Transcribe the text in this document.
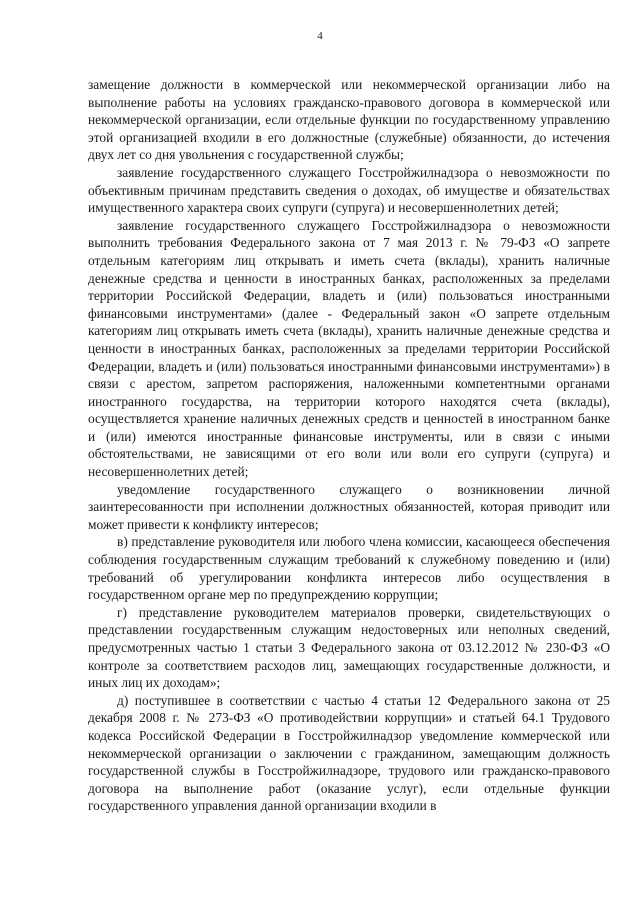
4

замещение должности в коммерческой или некоммерческой организации либо на выполнение работы на условиях гражданско-правового договора в коммерческой или некоммерческой организации, если отдельные функции по государственному управлению этой организацией входили в его должностные (служебные) обязанности, до истечения двух лет со дня увольнения с государственной службы;

заявление государственного служащего Госстройжилнадзора о невозможности по объективным причинам представить сведения о доходах, об имуществе и обязательствах имущественного характера своих супруги (супруга) и несовершеннолетних детей;

заявление государственного служащего Госстройжилнадзора о невозможности выполнить требования Федерального закона от 7 мая 2013 г. № 79-ФЗ «О запрете отдельным категориям лиц открывать и иметь счета (вклады), хранить наличные денежные средства и ценности в иностранных банках, расположенных за пределами территории Российской Федерации, владеть и (или) пользоваться иностранными финансовыми инструментами» (далее - Федеральный закон «О запрете отдельным категориям лиц открывать иметь счета (вклады), хранить наличные денежные средства и ценности в иностранных банках, расположенных за пределами территории Российской Федерации, владеть и (или) пользоваться иностранными финансовыми инструментами») в связи с арестом, запретом распоряжения, наложенными компетентными органами иностранного государства, на территории которого находятся счета (вклады), осуществляется хранение наличных денежных средств и ценностей в иностранном банке и (или) имеются иностранные финансовые инструменты, или в связи с иными обстоятельствами, не зависящими от его воли или воли его супруги (супруга) и несовершеннолетних детей;

уведомление государственного служащего о возникновении личной заинтересованности при исполнении должностных обязанностей, которая приводит или может привести к конфликту интересов;

в) представление руководителя или любого члена комиссии, касающееся обеспечения соблюдения государственным служащим требований к служебному поведению и (или) требований об урегулировании конфликта интересов либо осуществления в государственном органе мер по предупреждению коррупции;

г) представление руководителем материалов проверки, свидетельствующих о представлении государственным служащим недостоверных или неполных сведений, предусмотренных частью 1 статьи 3 Федерального закона от 03.12.2012 № 230-ФЗ «О контроле за соответствием расходов лиц, замещающих государственные должности, и иных лиц их доходам»;

д) поступившее в соответствии с частью 4 статьи 12 Федерального закона от 25 декабря 2008 г. № 273-ФЗ «О противодействии коррупции» и статьей 64.1 Трудового кодекса Российской Федерации в Госстройжилнадзор уведомление коммерческой или некоммерческой организации о заключении с гражданином, замещающим должность государственной службы в Госстройжилнадзоре, трудового или гражданско-правового договора на выполнение работ (оказание услуг), если отдельные функции государственного управления данной организации входили в
